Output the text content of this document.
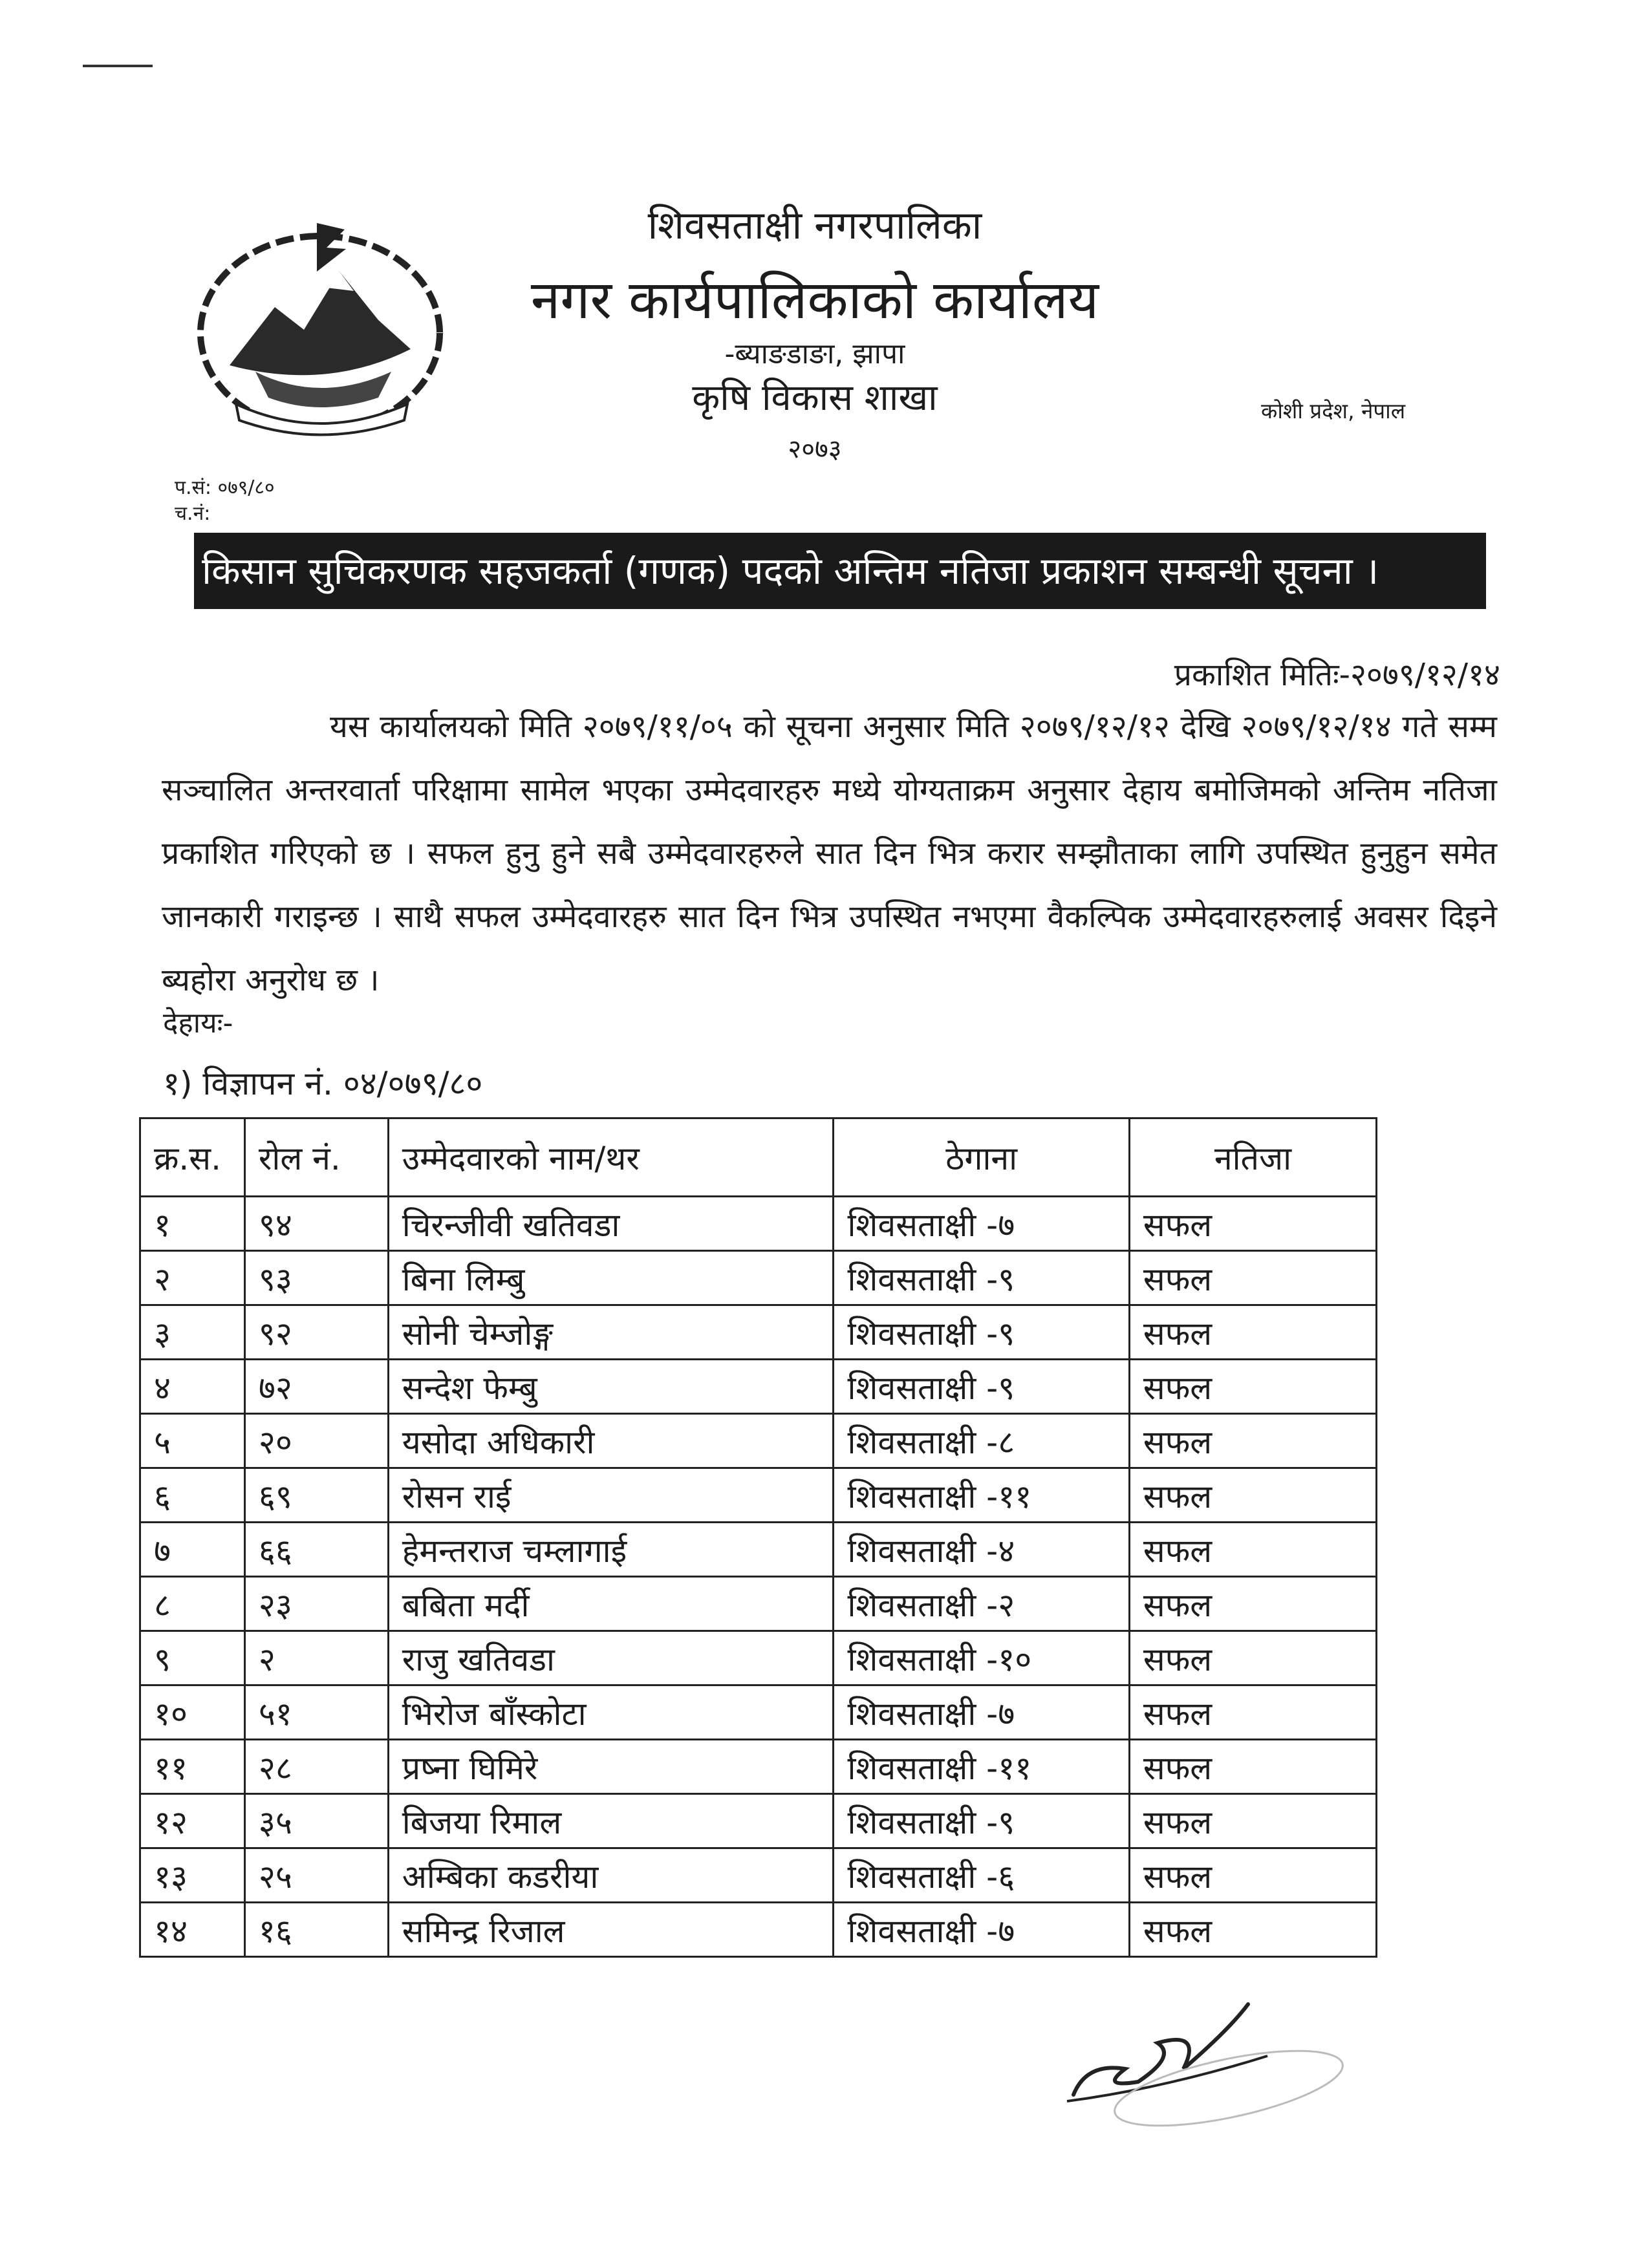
शिवसताक्षी नगरपालिका
नगर कार्यपालिकाको कार्यालय
-ब्याङडाङा, झापा
कृषि विकास शाखा
२०७३
कोशी प्रदेश, नेपाल
प.सं: ०७९/८०
च.नं:
किसान सुचिकरणक सहजकर्ता (गणक) पदको अन्तिम नतिजा प्रकाशन सम्बन्धी सूचना ।
प्रकाशित मितिः-२०७९/१२/१४

यस कार्यालयको मिति २०७९/११/०५ को सूचना अनुसार मिति २०७९/१२/१२ देखि २०७९/१२/१४ गते सम्म सञ्चालित अन्तरवार्ता परिक्षामा सामेल भएका उम्मेदवारहरु मध्ये योग्यताक्रम अनुसार देहाय बमोजिमको अन्तिम नतिजा प्रकाशित गरिएको छ । सफल हुनु हुने सबै उम्मेदवारहरुले सात दिन भित्र करार सम्झौताका लागि उपस्थित हुनुहुन समेत जानकारी गराइन्छ । साथै सफल उम्मेदवारहरु सात दिन भित्र उपस्थित नभएमा वैकल्पिक उम्मेदवारहरुलाई अवसर दिइने ब्यहोरा अनुरोध छ ।

देहायः-
१) विज्ञापन नं. ०४/०७९/८०
क्र.स.	रोल नं.	उम्मेदवारको नाम/थर	ठेगाना	नतिजा
१	९४	चिरन्जीवी खतिवडा	शिवसताक्षी -७	सफल
२	९३	बिना लिम्बु	शिवसताक्षी -९	सफल
३	९२	सोनी चेम्जोङ्ग	शिवसताक्षी -९	सफल
४	७२	सन्देश फेम्बु	शिवसताक्षी -९	सफल
५	२०	यसोदा अधिकारी	शिवसताक्षी -८	सफल
६	६९	रोसन राई	शिवसताक्षी -११	सफल
७	६६	हेमन्तराज चम्लागाई	शिवसताक्षी -४	सफल
८	२३	बबिता मर्दी	शिवसताक्षी -२	सफल
९	२	राजु खतिवडा	शिवसताक्षी -१०	सफल
१०	५१	भिरोज बाँस्कोटा	शिवसताक्षी -७	सफल
११	२८	प्रष्ना घिमिरे	शिवसताक्षी -११	सफल
१२	३५	बिजया रिमाल	शिवसताक्षी -९	सफल
१३	२५	अम्बिका कडरीया	शिवसताक्षी -६	सफल
१४	१६	समिन्द्र रिजाल	शिवसताक्षी -७	सफल
